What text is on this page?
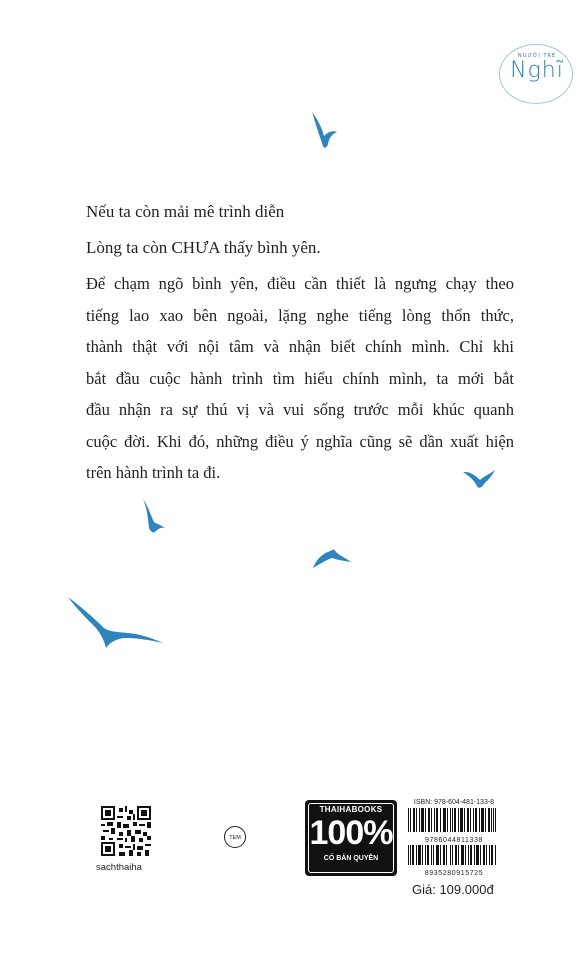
NGƯỜI TRẺ
Nghĩ
Nếu ta còn mải mê trình diễn
Lòng ta còn CHƯA thấy bình yên.
Để chạm ngõ bình yên, điều cần thiết là ngưng chạy theo
tiếng lao xao bên ngoài, lặng nghe tiếng lòng thổn thức,
thành thật với nội tâm và nhận biết chính mình. Chỉ khi
bắt đầu cuộc hành trình tìm hiểu chính mình, ta mới bắt
đầu nhận ra sự thú vị và vui sống trước mỗi khúc quanh
cuộc đời. Khi đó, những điều ý nghĩa cũng sẽ dần xuất hiện
trên hành trình ta đi.
sachthaiha
TEM
THAIHABOOKS
100%
CÓ BẢN QUYỀN
ISBN: 978-604-481-133-8
9786044811338
8935280915725
Giá: 109.000đ
